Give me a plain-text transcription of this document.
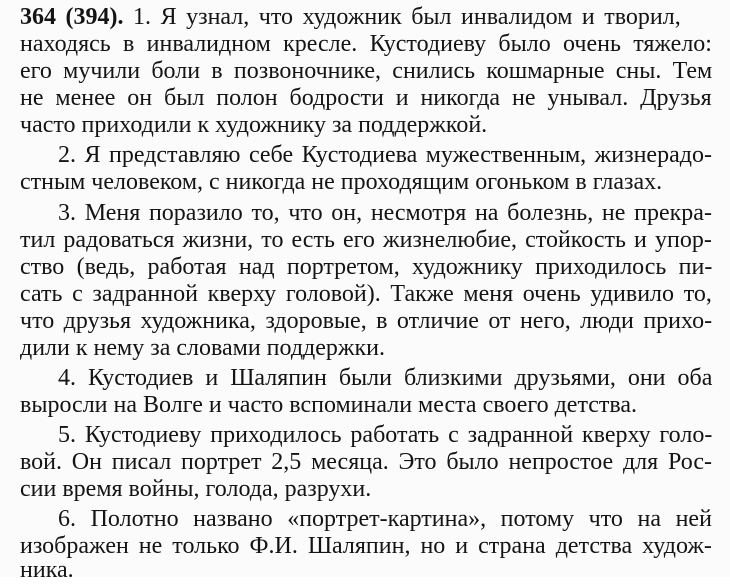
364 (394). 1. Я узнал, что художник был инвалидом и творил,
находясь в инвалидном кресле. Кустодиеву было очень тяжело:
его мучили боли в позвоночнике, снились кошмарные сны. Тем
не менее он был полон бодрости и никогда не унывал. Друзья
часто приходили к художнику за поддержкой.
2. Я представляю себе Кустодиева мужественным, жизнерадо-
стным человеком, с никогда не проходящим огоньком в глазах.
3. Меня поразило то, что он, несмотря на болезнь, не прекра-
тил радоваться жизни, то есть его жизнелюбие, стойкость и упор-
ство (ведь, работая над портретом, художнику приходилось пи-
сать с задранной кверху головой). Также меня очень удивило то,
что друзья художника, здоровые, в отличие от него, люди прихо-
дили к нему за словами поддержки.
4. Кустодиев и Шаляпин были близкими друзьями, они оба
выросли на Волге и часто вспоминали места своего детства.
5. Кустодиеву приходилось работать с задранной кверху голо-
вой. Он писал портрет 2,5 месяца. Это было непростое для Рос-
сии время войны, голода, разрухи.
6. Полотно названо «портрет-картина», потому что на ней
изображен не только Ф.И. Шаляпин, но и страна детства худож-
ника.
